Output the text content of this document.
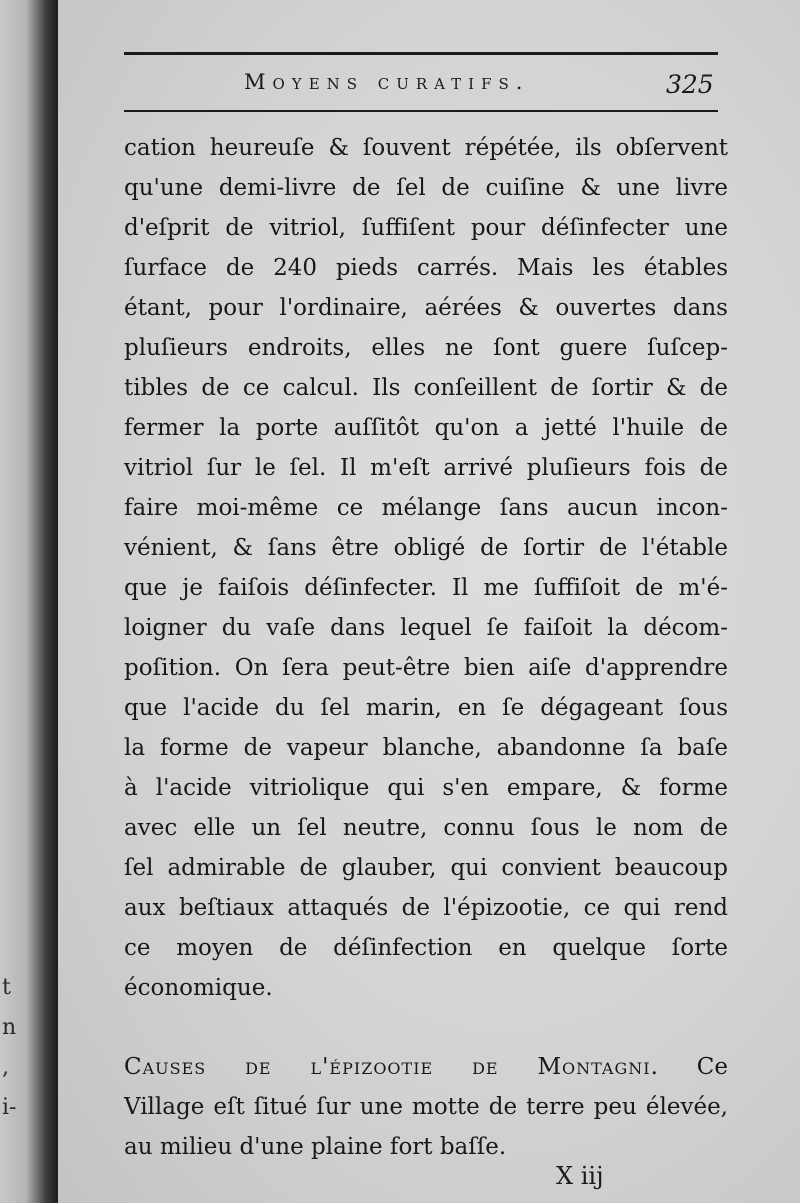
t
n
,
i-
Moyens curatifs.	325
cation heureuſe & ſouvent répétée, ils obſervent
qu'une demi-livre de ſel de cuiſine & une livre
d'eſprit de vitriol, ſuffiſent pour déſinfecter une
ſurface de 240 pieds carrés. Mais les étables
étant, pour l'ordinaire, aérées & ouvertes dans
pluſieurs endroits, elles ne ſont guere ſuſcep-
tibles de ce calcul. Ils conſeillent de ſortir & de
fermer la porte auſſitôt qu'on a jetté l'huile de
vitriol ſur le ſel. Il m'eſt arrivé pluſieurs fois de
faire moi-même ce mélange ſans aucun incon-
vénient, & ſans être obligé de ſortir de l'étable
que je faiſois déſinfecter. Il me ſuffiſoit de m'é-
loigner du vaſe dans lequel ſe faiſoit la décom-
poſition. On ſera peut-être bien aiſe d'apprendre
que l'acide du ſel marin, en ſe dégageant ſous
la forme de vapeur blanche, abandonne ſa baſe
à l'acide vitriolique qui s'en empare, & forme
avec elle un ſel neutre, connu ſous le nom de
ſel admirable de glauber, qui convient beaucoup
aux beſtiaux attaqués de l'épizootie, ce qui rend
ce moyen de déſinfection en quelque ſorte
économique.
Causes de l'épizootie de Montagni. Ce
Village eſt ſitué ſur une motte de terre peu élevée,
au milieu d'une plaine fort baſſe.
X iij
